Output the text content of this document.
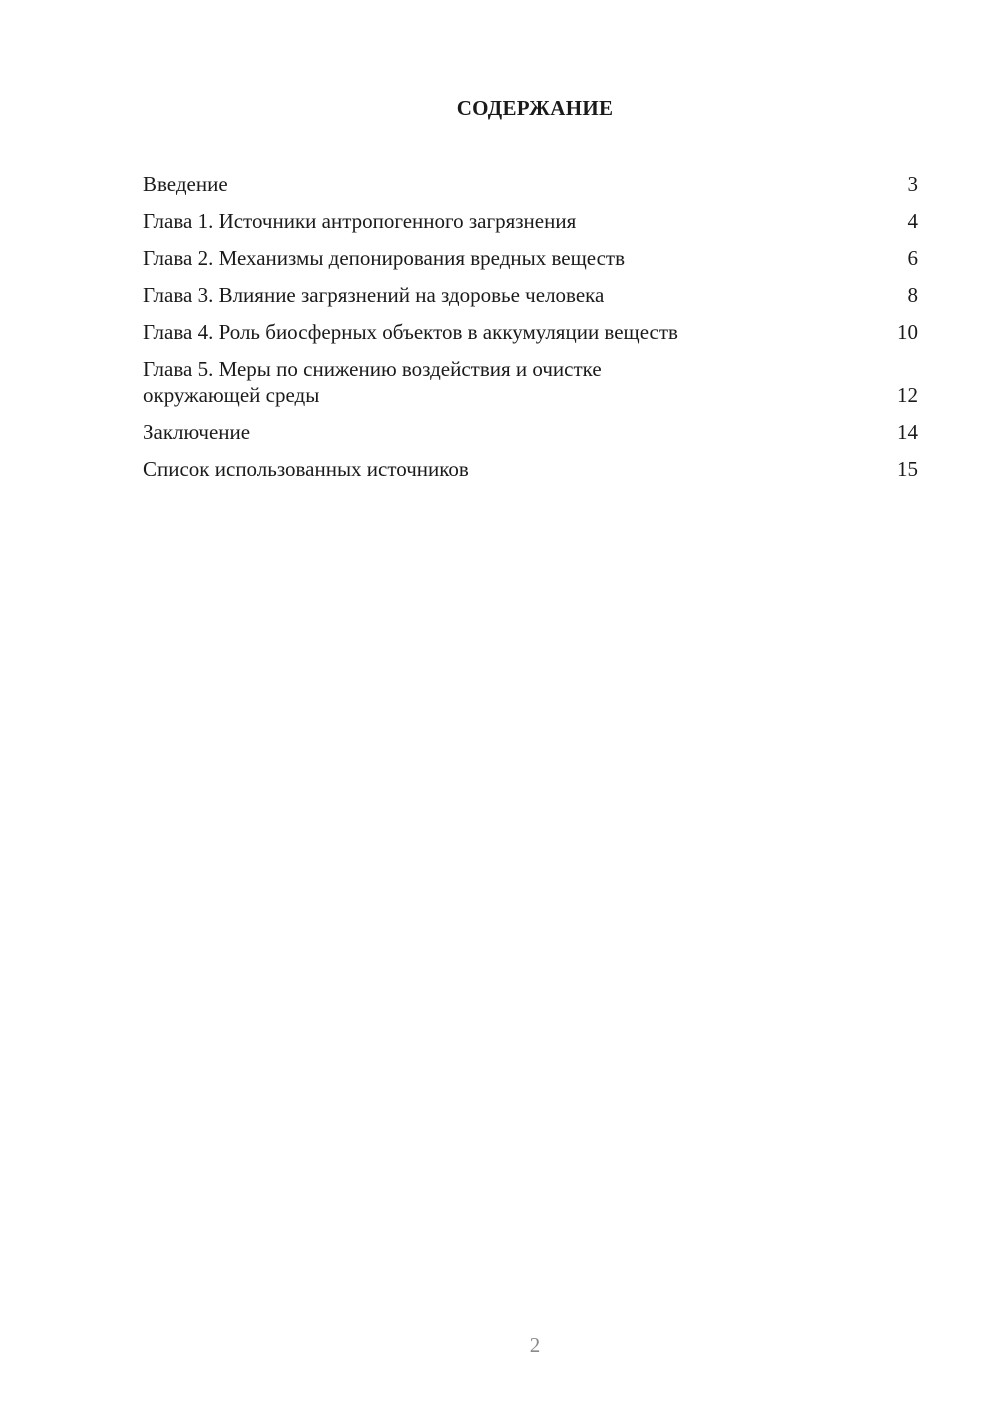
СОДЕРЖАНИЕ
Введение	3
Глава 1. Источники антропогенного загрязнения	4
Глава 2. Механизмы депонирования вредных веществ	6
Глава 3. Влияние загрязнений на здоровье человека	8
Глава 4. Роль биосферных объектов в аккумуляции веществ	10
Глава 5. Меры по снижению воздействия и очистке окружающей среды	12
Заключение	14
Список использованных источников	15
2
